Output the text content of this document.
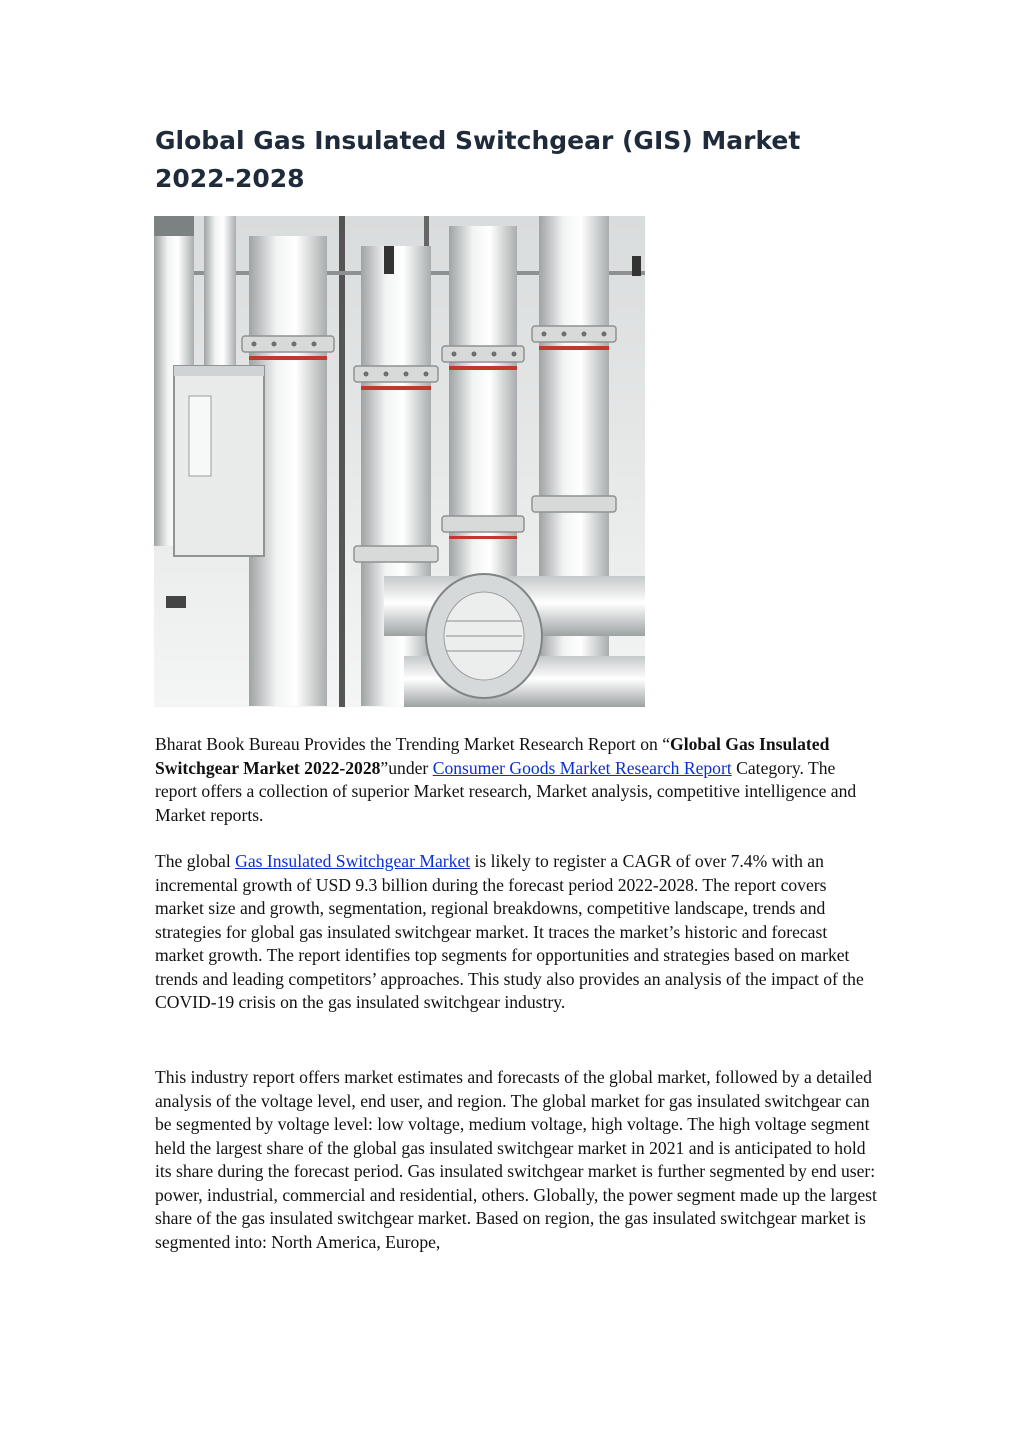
Global Gas Insulated Switchgear (GIS) Market 2022-2028

Bharat Book Bureau Provides the Trending Market Research Report on “Global Gas Insulated Switchgear Market 2022-2028”under Consumer Goods Market Research Report Category. The report offers a collection of superior Market research, Market analysis, competitive intelligence and Market reports.

The global Gas Insulated Switchgear Market is likely to register a CAGR of over 7.4% with an incremental growth of USD 9.3 billion during the forecast period 2022-2028. The report covers market size and growth, segmentation, regional breakdowns, competitive landscape, trends and strategies for global gas insulated switchgear market. It traces the market’s historic and forecast market growth. The report identifies top segments for opportunities and strategies based on market trends and leading competitors’ approaches. This study also provides an analysis of the impact of the COVID-19 crisis on the gas insulated switchgear industry.

This industry report offers market estimates and forecasts of the global market, followed by a detailed analysis of the voltage level, end user, and region. The global market for gas insulated switchgear can be segmented by voltage level: low voltage, medium voltage, high voltage. The high voltage segment held the largest share of the global gas insulated switchgear market in 2021 and is anticipated to hold its share during the forecast period. Gas insulated switchgear market is further segmented by end user: power, industrial, commercial and residential, others. Globally, the power segment made up the largest share of the gas insulated switchgear market. Based on region, the gas insulated switchgear market is segmented into: North America, Europe,
